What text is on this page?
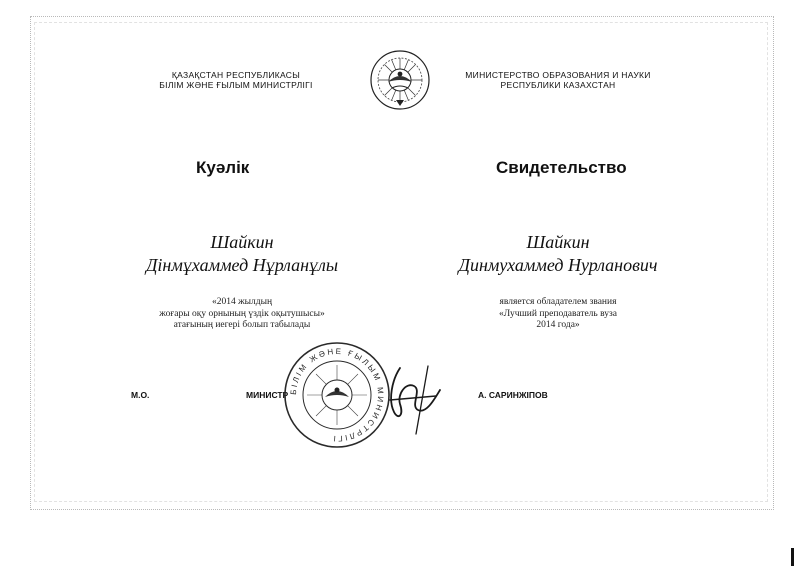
ҚАЗАҚСТАН РЕСПУБЛИКАСЫ
БІЛІМ ЖӘНЕ ҒЫЛЫМ МИНИСТРЛІГІ
МИНИСТЕРСТВО ОБРАЗОВАНИЯ И НАУКИ
РЕСПУБЛИКИ КАЗАХСТАН
Куәлік	Свидетельство
Шайкин
Дінмұхаммед Нұрланұлы
Шайкин
Динмухаммед Нурланович
«2014 жылдың
жоғары оқу орнының үздік оқытушысы»
атағының иегері болып табылады
является обладателем звания
«Лучший преподаватель вуза
2014 года»
М.О.	МИНИСТР	А. САРИНЖІПОВ
БІЛІМ ЖӘНЕ ҒЫЛЫМ МИНИСТРЛІГІ
